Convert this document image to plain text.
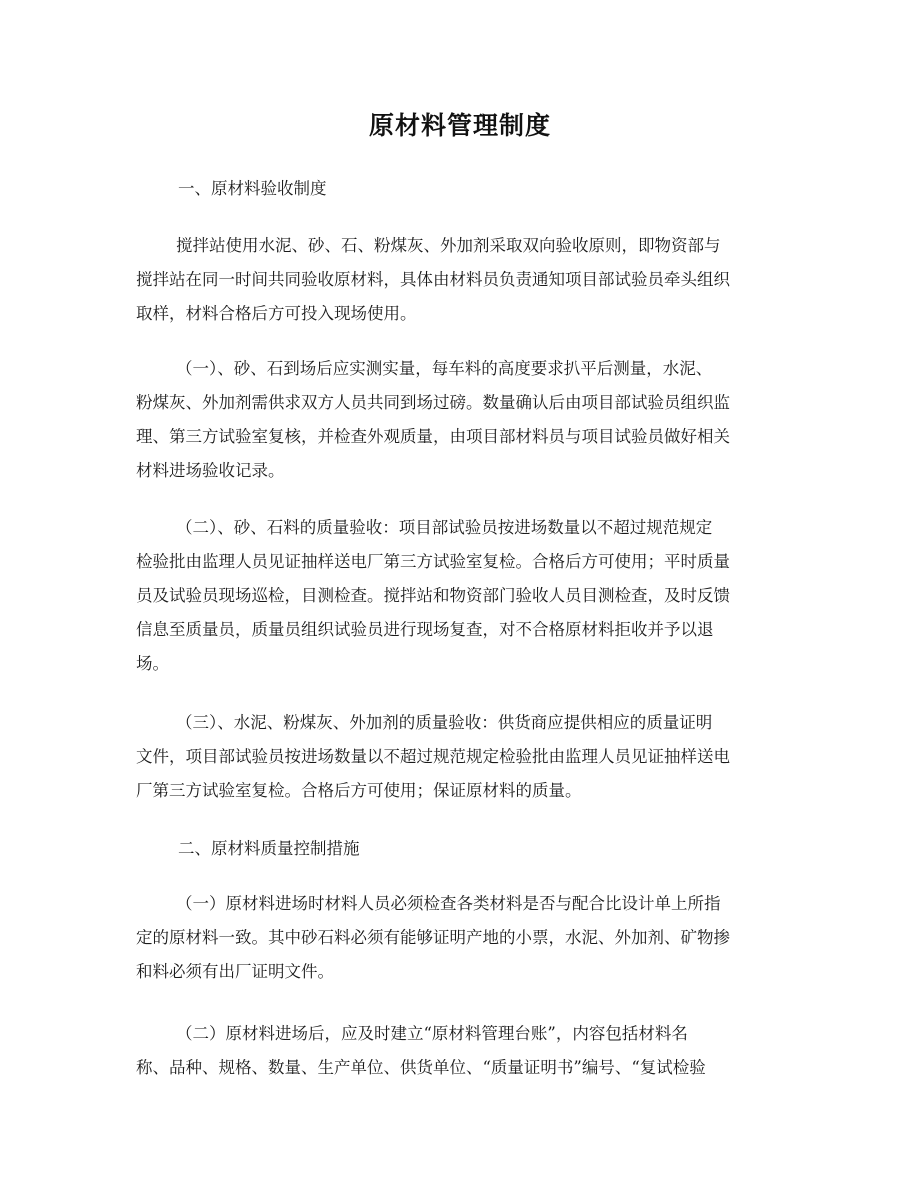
原材料管理制度
一、原材料验收制度
搅拌站使用水泥、砂、石、粉煤灰、外加剂采取双向验收原则，即物资部与
搅拌站在同一时间共同验收原材料，具体由材料员负责通知项目部试验员牵头组织
取样，材料合格后方可投入现场使用。
（一）、砂、石到场后应实测实量，每车料的高度要求扒平后测量，水泥、
粉煤灰、外加剂需供求双方人员共同到场过磅。数量确认后由项目部试验员组织监
理、第三方试验室复核，并检查外观质量，由项目部材料员与项目试验员做好相关
材料进场验收记录。
（二）、砂、石料的质量验收：项目部试验员按进场数量以不超过规范规定
检验批由监理人员见证抽样送电厂第三方试验室复检。合格后方可使用；平时质量
员及试验员现场巡检，目测检查。搅拌站和物资部门验收人员目测检查，及时反馈
信息至质量员，质量员组织试验员进行现场复查，对不合格原材料拒收并予以退
场。
（三）、水泥、粉煤灰、外加剂的质量验收：供货商应提供相应的质量证明
文件，项目部试验员按进场数量以不超过规范规定检验批由监理人员见证抽样送电
厂第三方试验室复检。合格后方可使用；保证原材料的质量。
二、原材料质量控制措施
（一）原材料进场时材料人员必须检查各类材料是否与配合比设计单上所指
定的原材料一致。其中砂石料必须有能够证明产地的小票，水泥、外加剂、矿物掺
和料必须有出厂证明文件。
（二）原材料进场后，应及时建立“原材料管理台账”，内容包括材料名
称、品种、规格、数量、生产单位、供货单位、“质量证明书”编号、“复试检验
